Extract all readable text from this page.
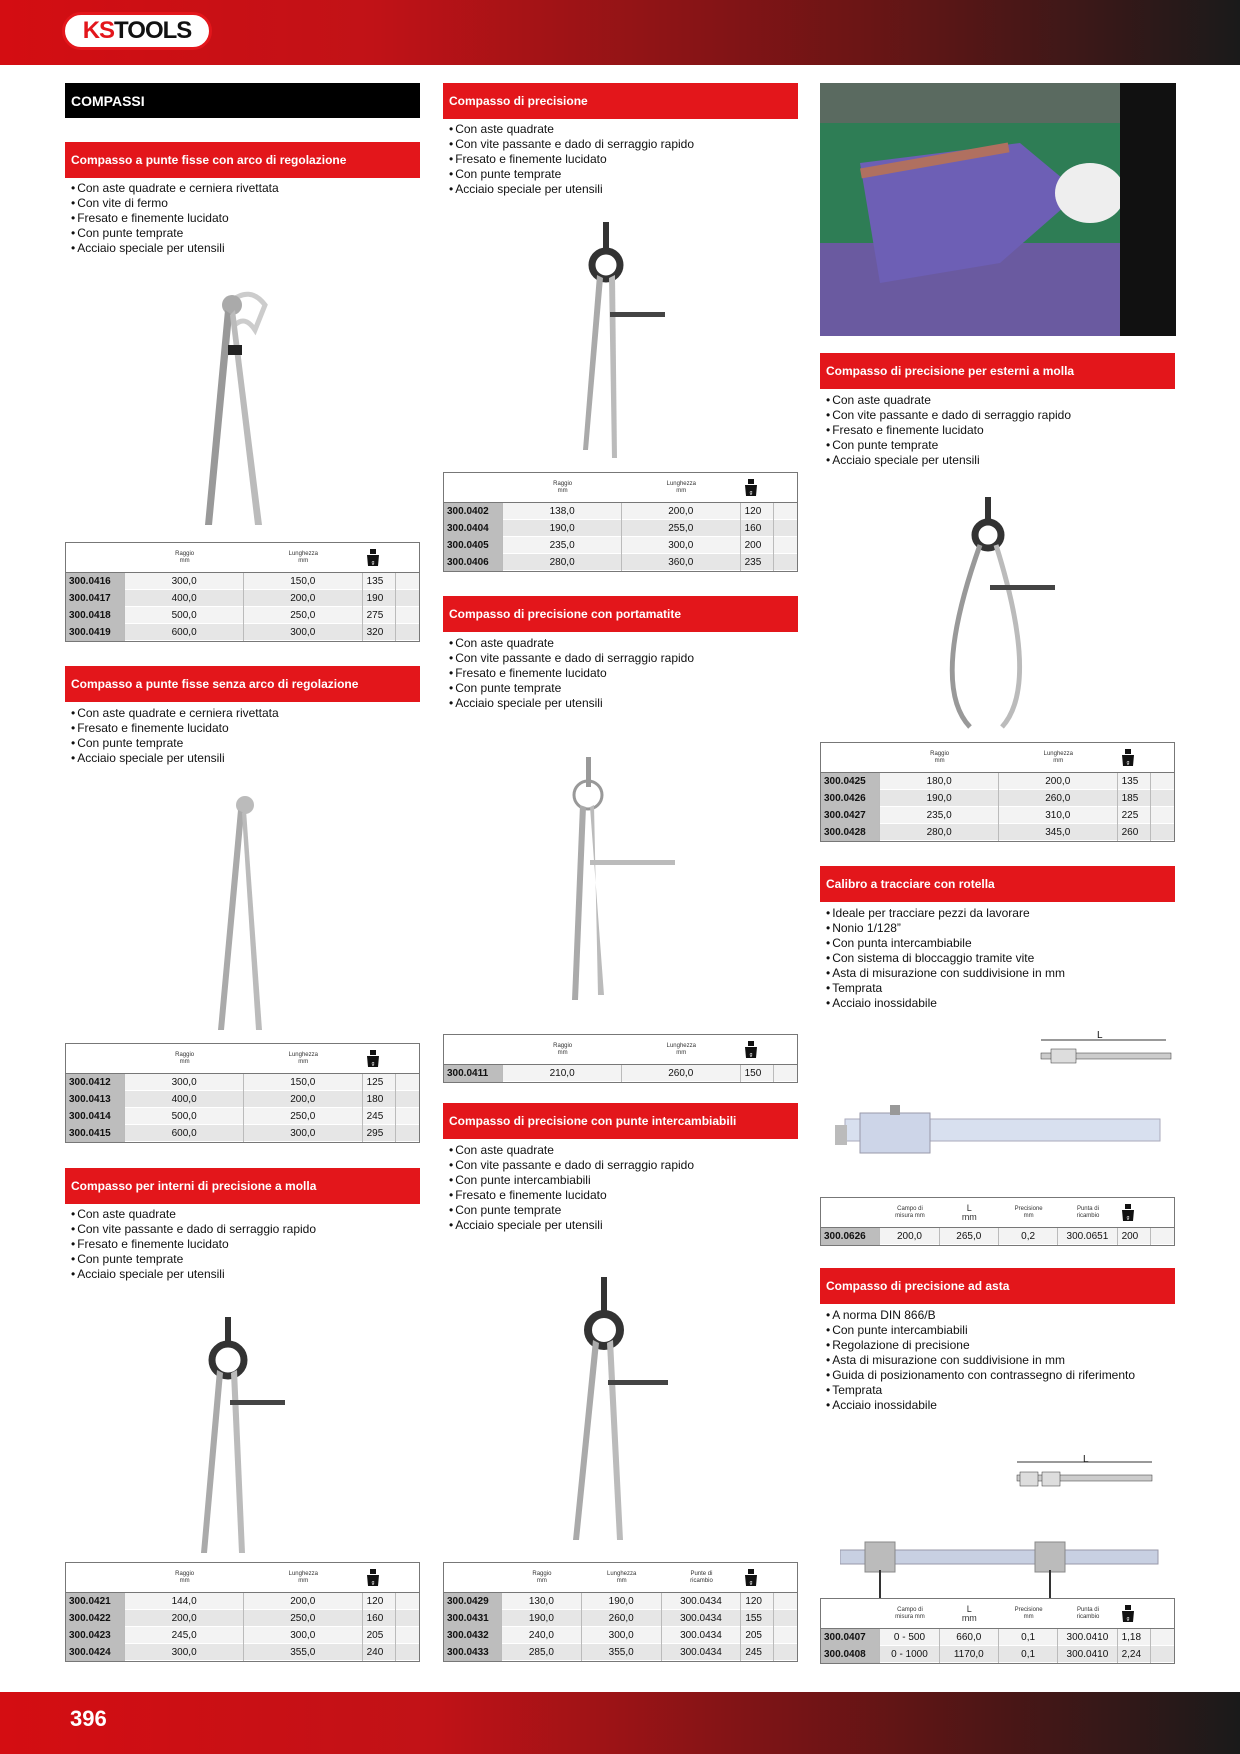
KS TOOLS
COMPASSI
Compasso a punte fisse con arco di regolazione
• Con aste quadrate e cerniera rivettata
• Con vite di fermo
• Fresato e finemente lucidato
• Con punte temprate
• Acciaio speciale per utensili
Raggio
mm
Lunghezza
mm	g
300.0416	300,0	150,0	135
300.0417	400,0	200,0	190
300.0418	500,0	250,0	275
300.0419	600,0	300,0	320
Compasso a punte fisse senza arco di regolazione
• Con aste quadrate e cerniera rivettata
• Fresato e finemente lucidato
• Con punte temprate
• Acciaio speciale per utensili
Raggio
mm
Lunghezza
mm	g
300.0412	300,0	150,0	125
300.0413	400,0	200,0	180
300.0414	500,0	250,0	245
300.0415	600,0	300,0	295
Compasso per interni di precisione a molla
• Con aste quadrate
• Con vite passante e dado di serraggio rapido
• Fresato e finemente lucidato
• Con punte temprate
• Acciaio speciale per utensili
Raggio
mm
Lunghezza
mm	g
300.0421	144,0	200,0	120
300.0422	200,0	250,0	160
300.0423	245,0	300,0	205
300.0424	300,0	355,0	240
Compasso di precisione
• Con aste quadrate
• Con vite passante e dado di serraggio rapido
• Fresato e finemente lucidato
• Con punte temprate
• Acciaio speciale per utensili
Raggio
mm
Lunghezza
mm	g
300.0402	138,0	200,0	120
300.0404	190,0	255,0	160
300.0405	235,0	300,0	200
300.0406	280,0	360,0	235
Compasso di precisione con portamatite
• Con aste quadrate
• Con vite passante e dado di serraggio rapido
• Fresato e finemente lucidato
• Con punte temprate
• Acciaio speciale per utensili
Raggio
mm
Lunghezza
mm	g
300.0411	210,0	260,0	150
Compasso di precisione con punte intercambiabili
• Con aste quadrate
• Con vite passante e dado di serraggio rapido
• Con punte intercambiabili
• Fresato e finemente lucidato
• Con punte temprate
• Acciaio speciale per utensili
Raggio
mm
Lunghezza
mm
Punte di
ricambio	g
300.0429	130,0	190,0	300.0434	120
300.0431	190,0	260,0	300.0434	155
300.0432	240,0	300,0	300.0434	205
300.0433	285,0	355,0	300.0434	245
Compasso di precisione per esterni a molla
• Con aste quadrate
• Con vite passante e dado di serraggio rapido
• Fresato e finemente lucidato
• Con punte temprate
• Acciaio speciale per utensili
Raggio
mm
Lunghezza
mm	g
300.0425	180,0	200,0	135
300.0426	190,0	260,0	185
300.0427	235,0	310,0	225
300.0428	280,0	345,0	260
Calibro a tracciare con rotella
• Ideale per tracciare pezzi da lavorare
• Nonio 1/128”
• Con punta intercambiabile
• Con sistema di bloccaggio tramite vite
• Asta di misurazione con suddivisione in mm
• Temprata
• Acciaio inossidabile
L
Campo di
misura mm
L
mm
Precisione
mm
Punta di
ricambio	g
300.0626	200,0	265,0	0,2	300.0651	200
Compasso di precisione ad asta
• A norma DIN 866/B
• Con punte intercambiabili
• Regolazione di precisione
• Asta di misurazione con suddivisione in mm
• Guida di posizionamento con contrassegno di riferimento
• Temprata
• Acciaio inossidabile
L
Campo di
misura mm
L
mm
Precisione
mm
Punta di
ricambio	g
300.0407	0 - 500	660,0	0,1	300.0410	1,18
300.0408	0 - 1000	1170,0	0,1	300.0410	2,24
396
